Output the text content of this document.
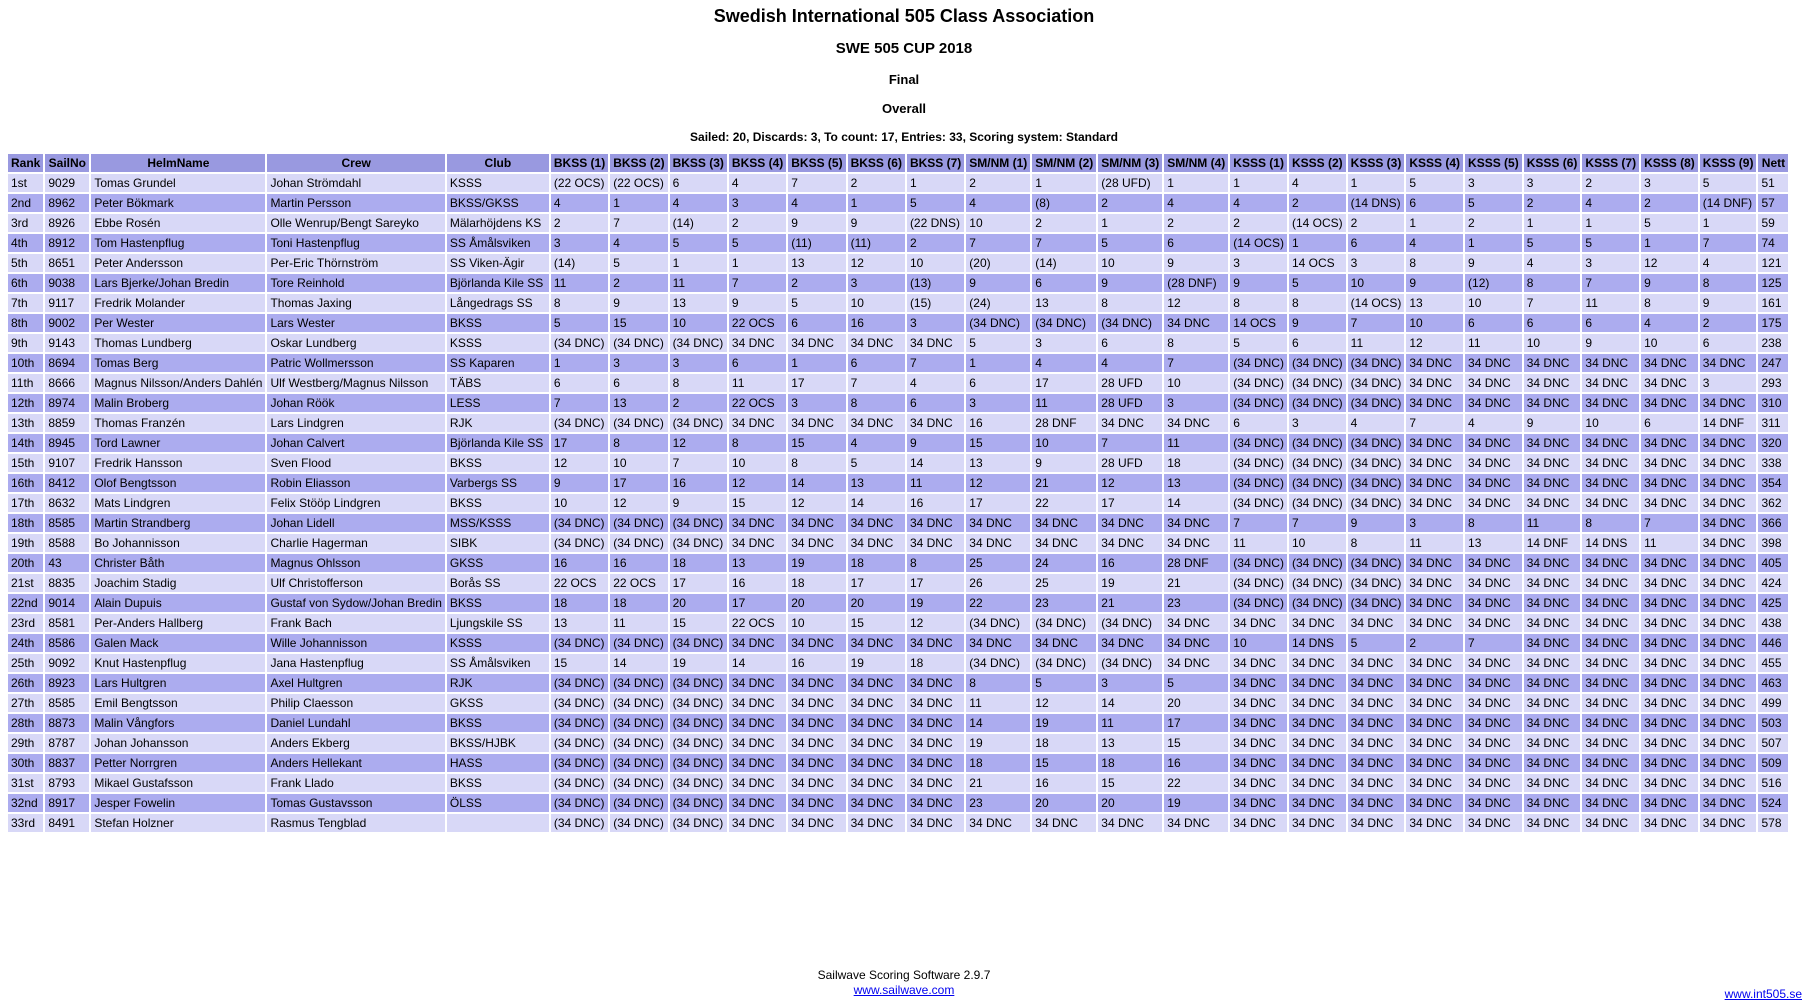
Swedish International 505 Class Association
SWE 505 CUP 2018
Final
Overall
Sailed: 20, Discards: 3, To count: 17, Entries: 33, Scoring system: Standard
Rank	SailNo	HelmName	Crew	Club	BKSS (1)	BKSS (2)	BKSS (3)	BKSS (4)	BKSS (5)	BKSS (6)	BKSS (7)	SM/NM (1)	SM/NM (2)	SM/NM (3)	SM/NM (4)	KSSS (1)	KSSS (2)	KSSS (3)	KSSS (4)	KSSS (5)	KSSS (6)	KSSS (7)	KSSS (8)	KSSS (9)	Nett
1st	9029	Tomas Grundel	Johan Strömdahl	KSSS	(22 OCS)	(22 OCS)	6	4	7	2	1	2	1	(28 UFD)	1	1	4	1	5	3	3	2	3	5	51
2nd	8962	Peter Bökmark	Martin Persson	BKSS/GKSS	4	1	4	3	4	1	5	4	(8)	2	4	4	2	(14 DNS)	6	5	2	4	2	(14 DNF)	57
3rd	8926	Ebbe Rosén	Olle Wenrup/Bengt Sareyko	Mälarhöjdens KS	2	7	(14)	2	9	9	(22 DNS)	10	2	1	2	2	(14 OCS)	2	1	2	1	1	5	1	59
4th	8912	Tom Hastenpflug	Toni Hastenpflug	SS Åmålsviken	3	4	5	5	(11)	(11)	2	7	7	5	6	(14 OCS)	1	6	4	1	5	5	1	7	74
5th	8651	Peter Andersson	Per-Eric Thörnström	SS Viken-Ägir	(14)	5	1	1	13	12	10	(20)	(14)	10	9	3	14 OCS	3	8	9	4	3	12	4	121
6th	9038	Lars Bjerke/Johan Bredin	Tore Reinhold	Björlanda Kile SS	11	2	11	7	2	3	(13)	9	6	9	(28 DNF)	9	5	10	9	(12)	8	7	9	8	125
7th	9117	Fredrik Molander	Thomas Jaxing	Långedrags SS	8	9	13	9	5	10	(15)	(24)	13	8	12	8	8	(14 OCS)	13	10	7	11	8	9	161
8th	9002	Per Wester	Lars Wester	BKSS	5	15	10	22 OCS	6	16	3	(34 DNC)	(34 DNC)	(34 DNC)	34 DNC	14 OCS	9	7	10	6	6	6	4	2	175
9th	9143	Thomas Lundberg	Oskar Lundberg	KSSS	(34 DNC)	(34 DNC)	(34 DNC)	34 DNC	34 DNC	34 DNC	34 DNC	5	3	6	8	5	6	11	12	11	10	9	10	6	238
10th	8694	Tomas Berg	Patric Wollmersson	SS Kaparen	1	3	3	6	1	6	7	1	4	4	7	(34 DNC)	(34 DNC)	(34 DNC)	34 DNC	34 DNC	34 DNC	34 DNC	34 DNC	34 DNC	247
11th	8666	Magnus Nilsson/Anders Dahlén	Ulf Westberg/Magnus Nilsson	TÄBS	6	6	8	11	17	7	4	6	17	28 UFD	10	(34 DNC)	(34 DNC)	(34 DNC)	34 DNC	34 DNC	34 DNC	34 DNC	34 DNC	3	293
12th	8974	Malin Broberg	Johan Röök	LESS	7	13	2	22 OCS	3	8	6	3	11	28 UFD	3	(34 DNC)	(34 DNC)	(34 DNC)	34 DNC	34 DNC	34 DNC	34 DNC	34 DNC	34 DNC	310
13th	8859	Thomas Franzén	Lars Lindgren	RJK	(34 DNC)	(34 DNC)	(34 DNC)	34 DNC	34 DNC	34 DNC	34 DNC	16	28 DNF	34 DNC	34 DNC	6	3	4	7	4	9	10	6	14 DNF	311
14th	8945	Tord Lawner	Johan Calvert	Björlanda Kile SS	17	8	12	8	15	4	9	15	10	7	11	(34 DNC)	(34 DNC)	(34 DNC)	34 DNC	34 DNC	34 DNC	34 DNC	34 DNC	34 DNC	320
15th	9107	Fredrik Hansson	Sven Flood	BKSS	12	10	7	10	8	5	14	13	9	28 UFD	18	(34 DNC)	(34 DNC)	(34 DNC)	34 DNC	34 DNC	34 DNC	34 DNC	34 DNC	34 DNC	338
16th	8412	Olof Bengtsson	Robin Eliasson	Varbergs SS	9	17	16	12	14	13	11	12	21	12	13	(34 DNC)	(34 DNC)	(34 DNC)	34 DNC	34 DNC	34 DNC	34 DNC	34 DNC	34 DNC	354
17th	8632	Mats Lindgren	Felix Stööp Lindgren	BKSS	10	12	9	15	12	14	16	17	22	17	14	(34 DNC)	(34 DNC)	(34 DNC)	34 DNC	34 DNC	34 DNC	34 DNC	34 DNC	34 DNC	362
18th	8585	Martin Strandberg	Johan Lidell	MSS/KSSS	(34 DNC)	(34 DNC)	(34 DNC)	34 DNC	34 DNC	34 DNC	34 DNC	34 DNC	34 DNC	34 DNC	34 DNC	7	7	9	3	8	11	8	7	34 DNC	366
19th	8588	Bo Johannisson	Charlie Hagerman	SIBK	(34 DNC)	(34 DNC)	(34 DNC)	34 DNC	34 DNC	34 DNC	34 DNC	34 DNC	34 DNC	34 DNC	34 DNC	11	10	8	11	13	14 DNF	14 DNS	11	34 DNC	398
20th	43	Christer Båth	Magnus Ohlsson	GKSS	16	16	18	13	19	18	8	25	24	16	28 DNF	(34 DNC)	(34 DNC)	(34 DNC)	34 DNC	34 DNC	34 DNC	34 DNC	34 DNC	34 DNC	405
21st	8835	Joachim Stadig	Ulf Christofferson	Borås SS	22 OCS	22 OCS	17	16	18	17	17	26	25	19	21	(34 DNC)	(34 DNC)	(34 DNC)	34 DNC	34 DNC	34 DNC	34 DNC	34 DNC	34 DNC	424
22nd	9014	Alain Dupuis	Gustaf von Sydow/Johan Bredin	BKSS	18	18	20	17	20	20	19	22	23	21	23	(34 DNC)	(34 DNC)	(34 DNC)	34 DNC	34 DNC	34 DNC	34 DNC	34 DNC	34 DNC	425
23rd	8581	Per-Anders Hallberg	Frank Bach	Ljungskile SS	13	11	15	22 OCS	10	15	12	(34 DNC)	(34 DNC)	(34 DNC)	34 DNC	34 DNC	34 DNC	34 DNC	34 DNC	34 DNC	34 DNC	34 DNC	34 DNC	34 DNC	438
24th	8586	Galen Mack	Wille Johannisson	KSSS	(34 DNC)	(34 DNC)	(34 DNC)	34 DNC	34 DNC	34 DNC	34 DNC	34 DNC	34 DNC	34 DNC	34 DNC	10	14 DNS	5	2	7	34 DNC	34 DNC	34 DNC	34 DNC	446
25th	9092	Knut Hastenpflug	Jana Hastenpflug	SS Åmålsviken	15	14	19	14	16	19	18	(34 DNC)	(34 DNC)	(34 DNC)	34 DNC	34 DNC	34 DNC	34 DNC	34 DNC	34 DNC	34 DNC	34 DNC	34 DNC	34 DNC	455
26th	8923	Lars Hultgren	Axel Hultgren	RJK	(34 DNC)	(34 DNC)	(34 DNC)	34 DNC	34 DNC	34 DNC	34 DNC	8	5	3	5	34 DNC	34 DNC	34 DNC	34 DNC	34 DNC	34 DNC	34 DNC	34 DNC	34 DNC	463
27th	8585	Emil Bengtsson	Philip Claesson	GKSS	(34 DNC)	(34 DNC)	(34 DNC)	34 DNC	34 DNC	34 DNC	34 DNC	11	12	14	20	34 DNC	34 DNC	34 DNC	34 DNC	34 DNC	34 DNC	34 DNC	34 DNC	34 DNC	499
28th	8873	Malin Vångfors	Daniel Lundahl	BKSS	(34 DNC)	(34 DNC)	(34 DNC)	34 DNC	34 DNC	34 DNC	34 DNC	14	19	11	17	34 DNC	34 DNC	34 DNC	34 DNC	34 DNC	34 DNC	34 DNC	34 DNC	34 DNC	503
29th	8787	Johan Johansson	Anders Ekberg	BKSS/HJBK	(34 DNC)	(34 DNC)	(34 DNC)	34 DNC	34 DNC	34 DNC	34 DNC	19	18	13	15	34 DNC	34 DNC	34 DNC	34 DNC	34 DNC	34 DNC	34 DNC	34 DNC	34 DNC	507
30th	8837	Petter Norrgren	Anders Hellekant	HASS	(34 DNC)	(34 DNC)	(34 DNC)	34 DNC	34 DNC	34 DNC	34 DNC	18	15	18	16	34 DNC	34 DNC	34 DNC	34 DNC	34 DNC	34 DNC	34 DNC	34 DNC	34 DNC	509
31st	8793	Mikael Gustafsson	Frank Llado	BKSS	(34 DNC)	(34 DNC)	(34 DNC)	34 DNC	34 DNC	34 DNC	34 DNC	21	16	15	22	34 DNC	34 DNC	34 DNC	34 DNC	34 DNC	34 DNC	34 DNC	34 DNC	34 DNC	516
32nd	8917	Jesper Fowelin	Tomas Gustavsson	ÖLSS	(34 DNC)	(34 DNC)	(34 DNC)	34 DNC	34 DNC	34 DNC	34 DNC	23	20	20	19	34 DNC	34 DNC	34 DNC	34 DNC	34 DNC	34 DNC	34 DNC	34 DNC	34 DNC	524
33rd	8491	Stefan Holzner	Rasmus Tengblad		(34 DNC)	(34 DNC)	(34 DNC)	34 DNC	34 DNC	34 DNC	34 DNC	34 DNC	34 DNC	34 DNC	34 DNC	34 DNC	34 DNC	34 DNC	34 DNC	34 DNC	34 DNC	34 DNC	34 DNC	34 DNC	578
Sailwave Scoring Software 2.9.7
www.sailwave.com	www.int505.se
